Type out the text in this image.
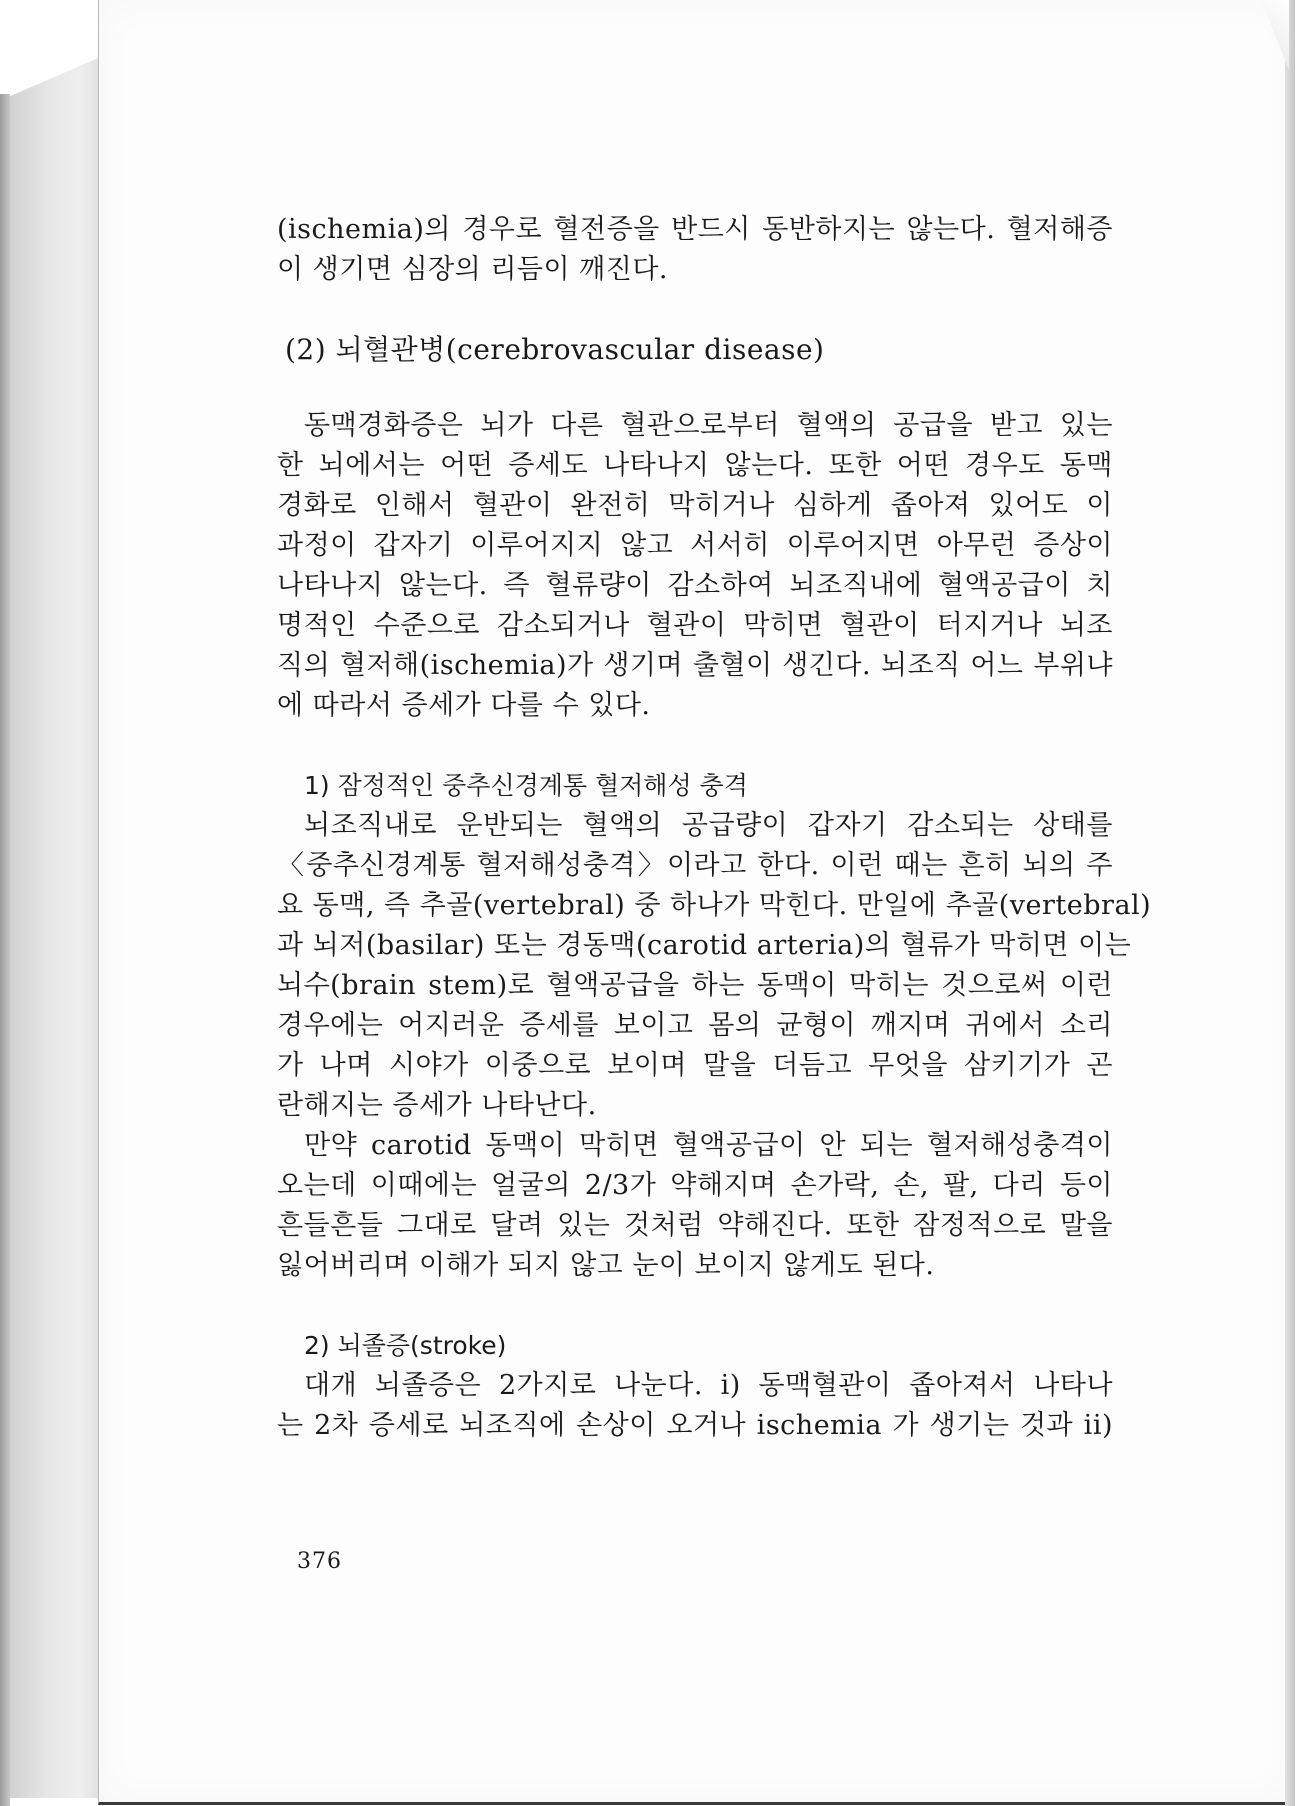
(ischemia)의 경우로 혈전증을 반드시 동반하지는 않는다. 혈저해증

이 생기면 심장의 리듬이 깨진다.

(2) 뇌혈관병(cerebrovascular disease)

동맥경화증은 뇌가 다른 혈관으로부터 혈액의 공급을 받고 있는

한 뇌에서는 어떤 증세도 나타나지 않는다. 또한 어떤 경우도 동맥

경화로 인해서 혈관이 완전히 막히거나 심하게 좁아져 있어도 이

과정이 갑자기 이루어지지 않고 서서히 이루어지면 아무런 증상이

나타나지 않는다. 즉 혈류량이 감소하여 뇌조직내에 혈액공급이 치

명적인 수준으로 감소되거나 혈관이 막히면 혈관이 터지거나 뇌조

직의 혈저해(ischemia)가 생기며 출혈이 생긴다. 뇌조직 어느 부위냐

에 따라서 증세가 다를 수 있다.

1) 잠정적인 중추신경계통 혈저해성 충격

뇌조직내로 운반되는 혈액의 공급량이 갑자기 감소되는 상태를

〈중추신경계통 혈저해성충격〉이라고 한다. 이런 때는 흔히 뇌의 주

요 동맥, 즉 추골(vertebral) 중 하나가 막힌다. 만일에 추골(vertebral)

과 뇌저(basilar) 또는 경동맥(carotid arteria)의 혈류가 막히면 이는

뇌수(brain stem)로 혈액공급을 하는 동맥이 막히는 것으로써 이런

경우에는 어지러운 증세를 보이고 몸의 균형이 깨지며 귀에서 소리

가 나며 시야가 이중으로 보이며 말을 더듬고 무엇을 삼키기가 곤

란해지는 증세가 나타난다.

만약 carotid 동맥이 막히면 혈액공급이 안 되는 혈저해성충격이

오는데 이때에는 얼굴의 2/3가 약해지며 손가락, 손, 팔, 다리 등이

흔들흔들 그대로 달려 있는 것처럼 약해진다. 또한 잠정적으로 말을

잃어버리며 이해가 되지 않고 눈이 보이지 않게도 된다.

2) 뇌졸증(stroke)

대개 뇌졸증은 2가지로 나눈다. i) 동맥혈관이 좁아져서 나타나

는 2차 증세로 뇌조직에 손상이 오거나 ischemia 가 생기는 것과 ii)

376
